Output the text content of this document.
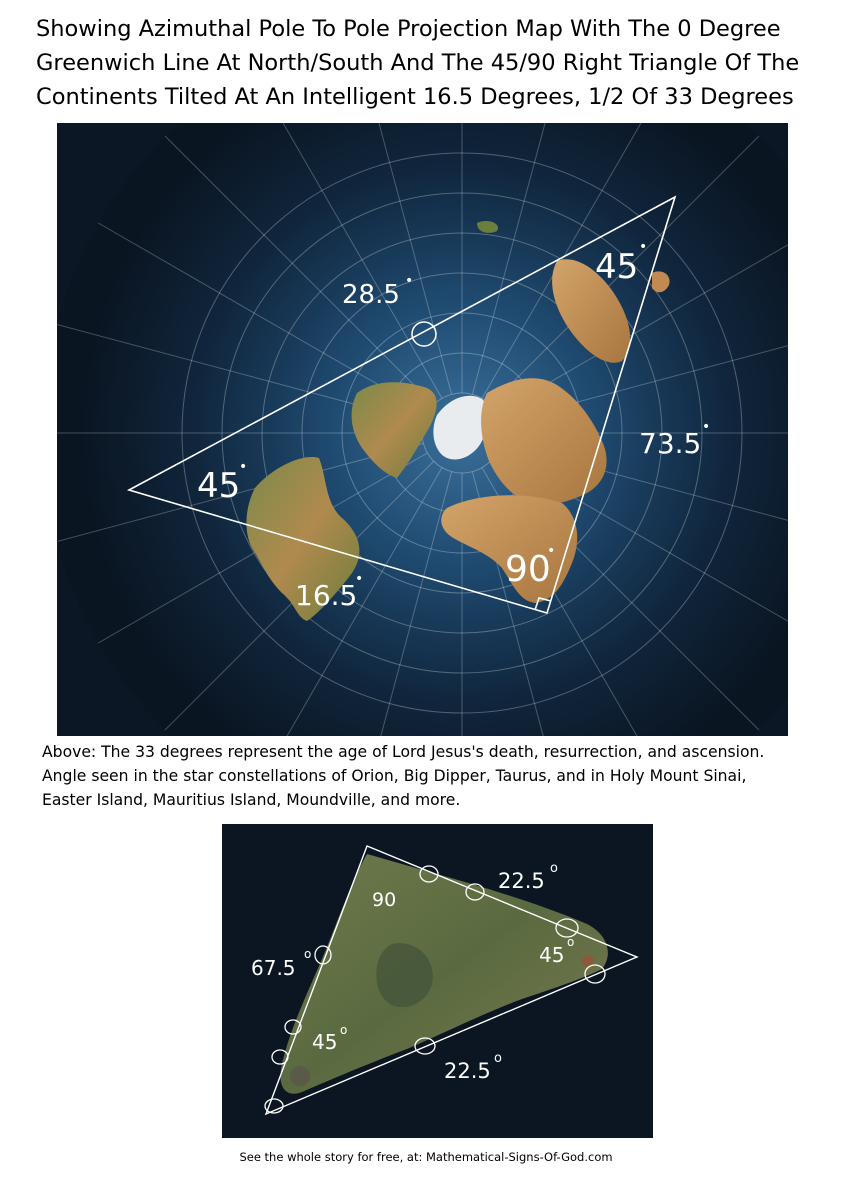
Showing Azimuthal Pole To Pole Projection Map With The 0 Degree
Greenwich Line At North/South And The 45/90 Right Triangle Of The
Continents Tilted At An Intelligent 16.5 Degrees, 1/2 Of 33 Degrees
28.5 •	45 •
45
•
73.5 •
90
•
16.5
•
Above: The 33 degrees represent the age of Lord Jesus's death, resurrection, and ascension.
Angle seen in the star constellations of Orion, Big Dipper, Taurus, and in Holy Mount Sinai,
Easter Island, Mauritius Island, Moundville, and more.
90
22.5
o
45
o
67.5
o
45 o
22.5
o
See the whole story for free, at: Mathematical-Signs-Of-God.com
